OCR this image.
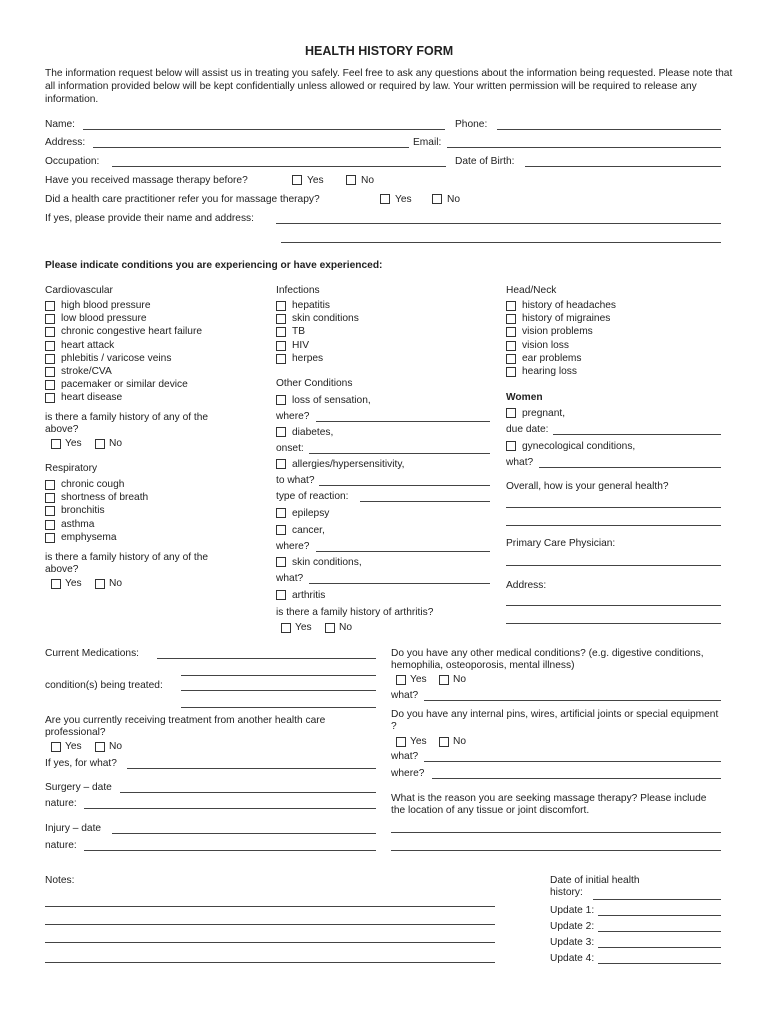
HEALTH HISTORY FORM
The information request below will assist us in treating you safely. Feel free to ask any questions about the information being requested. Please note that all information provided below will be kept confidentially unless allowed or required by law. Your written permission will be required to release any information.
Name:	Phone:
Address:	Email:
Occupation:	Date of Birth:
Have you received massage therapy before?	Yes	No
Did a health care practitioner refer you for massage therapy?	Yes	No
If yes, please provide their name and address:
Please indicate conditions you are experiencing or have experienced:
Cardiovascular
high blood pressure
low blood pressure
chronic congestive heart failure
heart attack
phlebitis / varicose veins
stroke/CVA
pacemaker or similar device
heart disease
is there a family history of any of the above?
Yes	No
Respiratory
chronic cough
shortness of breath
bronchitis
asthma
emphysema
is there a family history of any of the above?
Yes	No
Infections
hepatitis
skin conditions
TB
HIV
herpes
Other Conditions
loss of sensation,
where?
diabetes,
onset:
allergies/hypersensitivity,
to what?
type of reaction:
epilepsy
cancer,
where?
skin conditions,
what?
arthritis
is there a family history of arthritis?
Yes	No
Head/Neck
history of headaches
history of migraines
vision problems
vision loss
ear problems
hearing loss
Women
pregnant,
due date:
gynecological conditions,
what?
Overall, how is your general health?
Primary Care Physician:
Address:
Current Medications:
condition(s) being treated:
Are you currently receiving treatment from another health care professional?
Yes	No
If yes, for what?
Surgery – date
nature:
Injury – date
nature:
Do you have any other medical conditions? (e.g. digestive conditions, hemophilia, osteoporosis, mental illness)
Yes	No
what?
Do you have any internal pins, wires, artificial joints or special equipment ?
Yes	No
what?
where?
What is the reason you are seeking massage therapy? Please include the location of any tissue or joint discomfort.
Notes:	Date of initial health history:
Update 1:
Update 2:
Update 3:
Update 4:
